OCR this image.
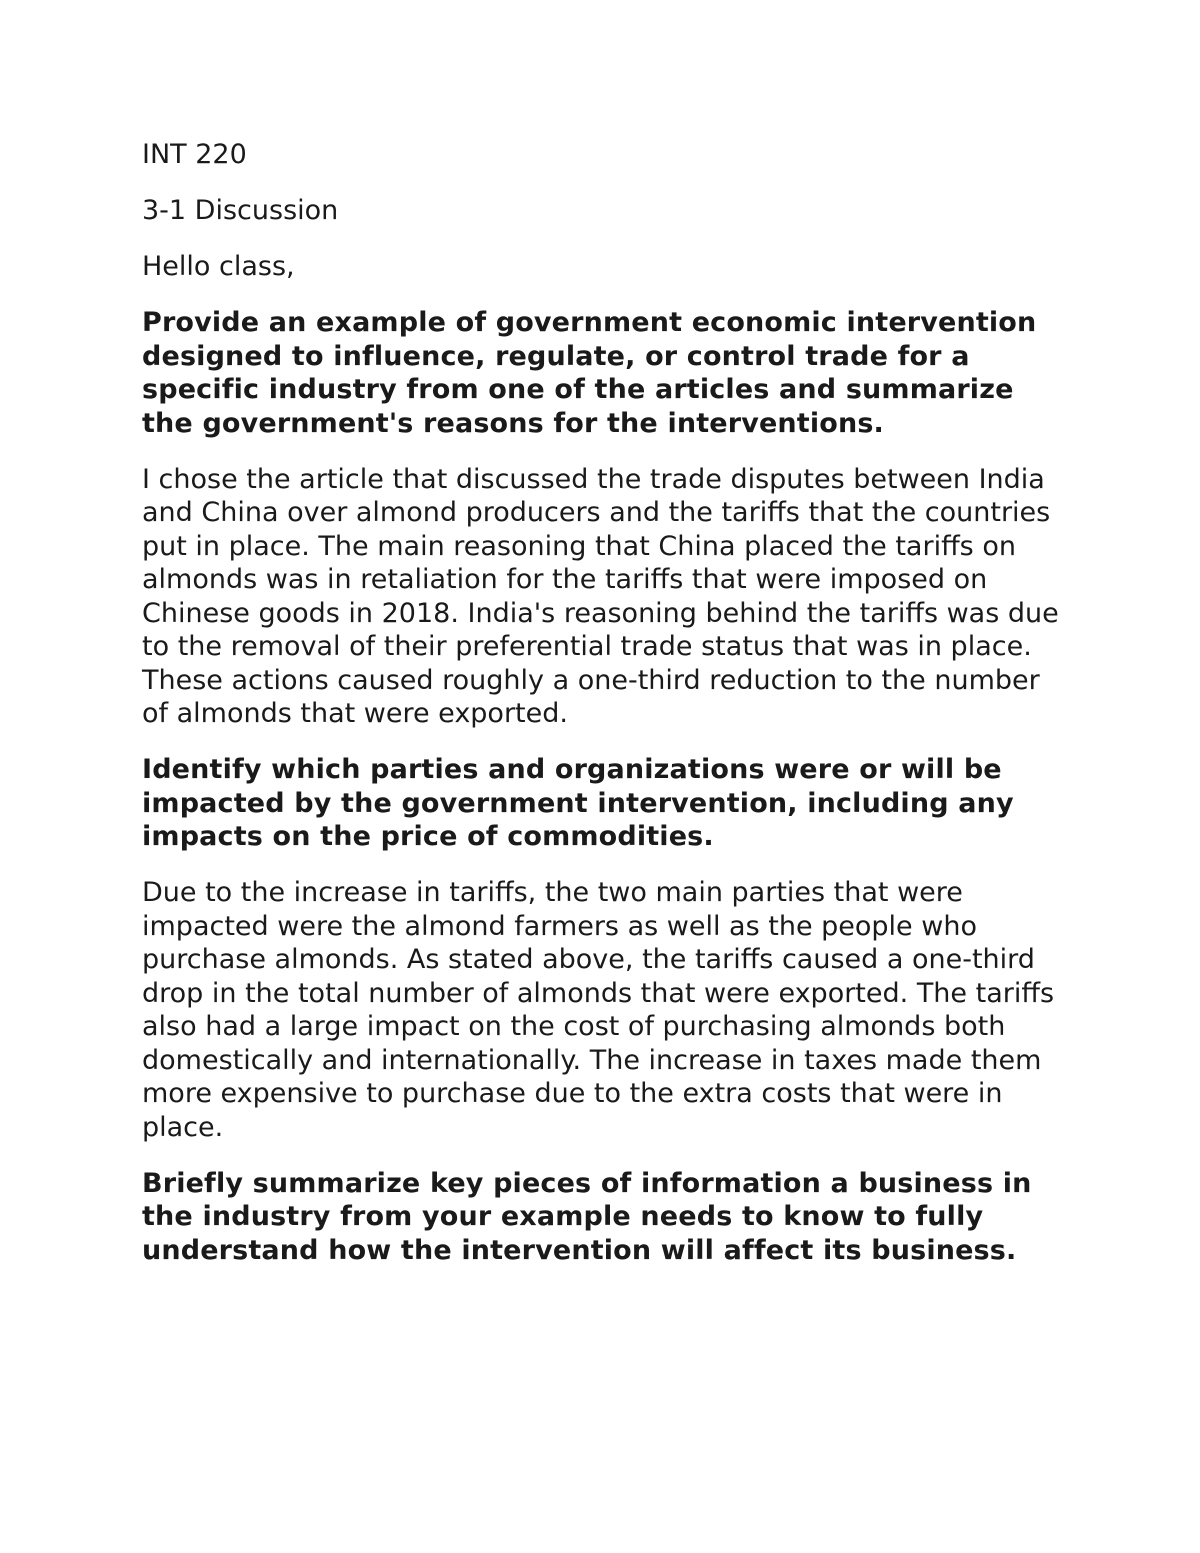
INT 220

3-1 Discussion

Hello class,

Provide an example of government economic intervention designed to influence, regulate, or control trade for a specific industry from one of the articles and summarize the government's reasons for the interventions.

I chose the article that discussed the trade disputes between India and China over almond producers and the tariffs that the countries put in place. The main reasoning that China placed the tariffs on almonds was in retaliation for the tariffs that were imposed on Chinese goods in 2018. India's reasoning behind the tariffs was due to the removal of their preferential trade status that was in place. These actions caused roughly a one-third reduction to the number of almonds that were exported.

Identify which parties and organizations were or will be impacted by the government intervention, including any impacts on the price of commodities.

Due to the increase in tariffs, the two main parties that were impacted were the almond farmers as well as the people who purchase almonds. As stated above, the tariffs caused a one-third drop in the total number of almonds that were exported. The tariffs also had a large impact on the cost of purchasing almonds both domestically and internationally. The increase in taxes made them more expensive to purchase due to the extra costs that were in place.

Briefly summarize key pieces of information a business in the industry from your example needs to know to fully understand how the intervention will affect its business.
